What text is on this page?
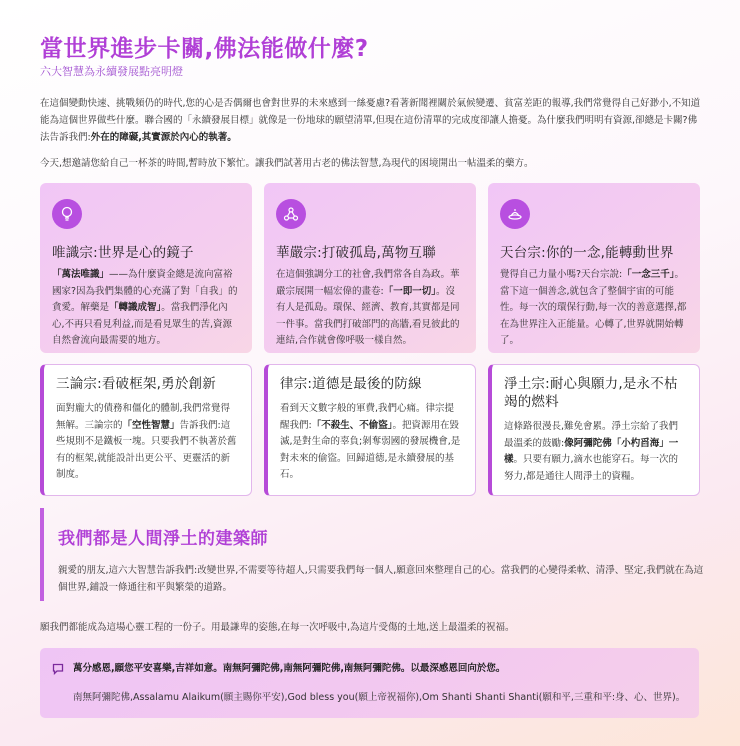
當世界進步卡關,佛法能做什麼?
六大智慧為永續發展點亮明燈

在這個變動快速、挑戰頻仍的時代,您的心是否偶爾也會對世界的未來感到一絲憂慮?看著新聞裡關於氣候變遷、貧富差距的報導,我們常覺得自己好渺小,不知道能為這個世界做些什麼。聯合國的「永續發展目標」就像是一份地球的願望清單,但現在這份清單的完成度卻讓人擔憂。為什麼我們明明有資源,卻總是卡關?佛法告訴我們:外在的障礙,其實源於內心的執著。

今天,想邀請您給自己一杯茶的時間,暫時放下繁忙。讓我們試著用古老的佛法智慧,為現代的困境開出一帖溫柔的藥方。

唯識宗:世界是心的鏡子

「萬法唯識」——為什麼資金總是流向富裕國家?因為我們集體的心充滿了對「自我」的貪愛。解藥是「轉識成智」。當我們淨化內心,不再只看見利益,而是看見眾生的苦,資源自然會流向最需要的地方。

華嚴宗:打破孤島,萬物互聯

在這個強調分工的社會,我們常各自為政。華嚴宗展開一幅宏偉的畫卷:「一即一切」。沒有人是孤島。環保、經濟、教育,其實都是同一件事。當我們打破部門的高牆,看見彼此的連結,合作就會像呼吸一樣自然。

天台宗:你的一念,能轉動世界

覺得自己力量小嗎?天台宗說:「一念三千」。當下這一個善念,就包含了整個宇宙的可能性。每一次的環保行動,每一次的善意選擇,都在為世界注入正能量。心轉了,世界就開始轉了。

三論宗:看破框架,勇於創新

面對龐大的債務和僵化的體制,我們常覺得無解。三論宗的「空性智慧」告訴我們:這些規則不是鐵板一塊。只要我們不執著於舊有的框架,就能設計出更公平、更靈活的新制度。

律宗:道德是最後的防線

看到天文數字般的軍費,我們心痛。律宗提醒我們:「不殺生、不偷盜」。把資源用在毀滅,是對生命的辜負;剝奪弱國的發展機會,是對未來的偷盜。回歸道德,是永續發展的基石。

淨土宗:耐心與願力,是永不枯竭的燃料

這條路很漫長,難免會累。淨土宗給了我們最溫柔的鼓勵:像阿彌陀佛「小杓舀海」一樣。只要有願力,滴水也能穿石。每一次的努力,都是通往人間淨土的資糧。

我們都是人間淨土的建築師

親愛的朋友,這六大智慧告訴我們:改變世界,不需要等待超人,只需要我們每一個人,願意回來整理自己的心。當我們的心變得柔軟、清淨、堅定,我們就在為這個世界,鋪設一條通往和平與繁榮的道路。

願我們都能成為這場心靈工程的一份子。用最謙卑的姿態,在每一次呼吸中,為這片受傷的土地,送上最溫柔的祝福。

萬分感恩,願您平安喜樂,吉祥如意。南無阿彌陀佛,南無阿彌陀佛,南無阿彌陀佛。以最深感恩回向於您。
南無阿彌陀佛,Assalamu Alaikum(願主賜你平安),God bless you(願上帝祝福你),Om Shanti Shanti Shanti(願和平,三重和平:身、心、世界)。
